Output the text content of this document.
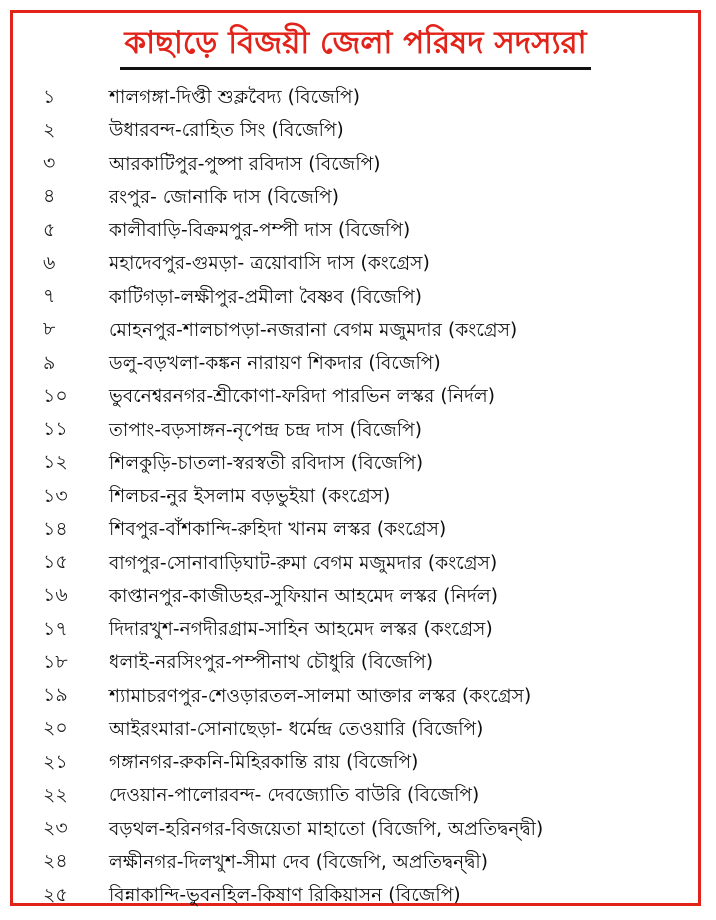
কাছাড়ে বিজয়ী জেলা পরিষদ সদস্যরা
১	শালগঙ্গা-দিপ্তী শুক্লবৈদ্য (বিজেপি)
২	উধারবন্দ-রোহিত সিং (বিজেপি)
৩	আরকাটিপুর-পুষ্পা রবিদাস (বিজেপি)
৪	রংপুর- জোনাকি দাস (বিজেপি)
৫	কালীবাড়ি-বিক্রমপুর-পম্পী দাস (বিজেপি)
৬	মহাদেবপুর-গুমড়া- ত্রয়োবাসি দাস (কংগ্রেস)
৭	কাটিগড়া-লক্ষীপুর-প্রমীলা বৈষ্ণব (বিজেপি)
৮	মোহনপুর-শালচাপড়া-নজরানা বেগম মজুমদার (কংগ্রেস)
৯	ডলু-বড়খলা-কঙ্কন নারায়ণ শিকদার (বিজেপি)
১০	ভুবনেশ্বরনগর-শ্রীকোণা-ফরিদা পারভিন লস্কর (নির্দল)
১১	তাপাং-বড়সাঙ্গন-নৃপেন্দ্র চন্দ্র দাস (বিজেপি)
১২	শিলকুড়ি-চাতলা-স্বরস্বতী রবিদাস (বিজেপি)
১৩	শিলচর-নুর ইসলাম বড়ভুইয়া (কংগ্রেস)
১৪	শিবপুর-বাঁশকান্দি-রুহিদা খানম লস্কর (কংগ্রেস)
১৫	বাগপুর-সোনাবাড়িঘাট-রুমা বেগম মজুমদার (কংগ্রেস)
১৬	কাপ্তানপুর-কাজীডহর-সুফিয়ান আহমেদ লস্কর (নির্দল)
১৭	দিদারখুশ-নগদীরগ্রাম-সাহিন আহমেদ লস্কর (কংগ্রেস)
১৮	ধলাই-নরসিংপুর-পম্পীনাথ চৌধুরি (বিজেপি)
১৯	শ্যামাচরণপুর-শেওড়ারতল-সালমা আক্তার লস্কর (কংগ্রেস)
২০	আইরংমারা-সোনাছেড়া- ধর্মেন্দ্র তেওয়ারি (বিজেপি)
২১	গঙ্গানগর-রুকনি-মিহিরকান্তি রায় (বিজেপি)
২২	দেওয়ান-পালোরবন্দ- দেবজ্যোতি বাউরি (বিজেপি)
২৩	বড়থল-হরিনগর-বিজয়েতা মাহাতো (বিজেপি, অপ্রতিদ্বন্দ্বী)
২৪	লক্ষীনগর-দিলখুশ-সীমা দেব (বিজেপি, অপ্রতিদ্বন্দ্বী)
২৫	বিন্নাকান্দি-ভুবনহিল-কিষাণ রিকিয়াসন (বিজেপি)
